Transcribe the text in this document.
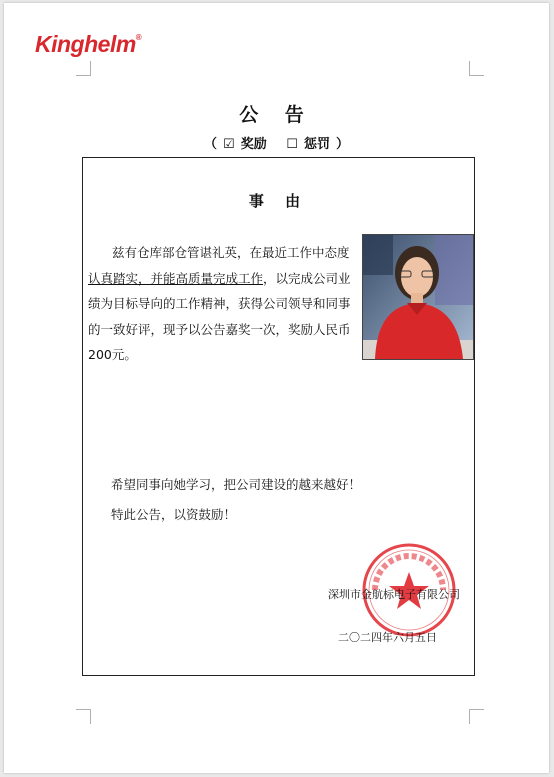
Kinghelm®
公 告
（ ☑ 奖励 ☐ 惩罚 ）
事 由
兹有仓库部仓管谌礼英，在最近工作中态度认真踏实，并能高质量完成工作，以完成公司业绩为目标导向的工作精神，获得公司领导和同事的一致好评，现予以公告嘉奖一次，奖励人民币200元。
希望同事向她学习，把公司建设的越来越好！
特此公告，以资鼓励！
深圳市金航标电子有限公司
二〇二四年六月五日
